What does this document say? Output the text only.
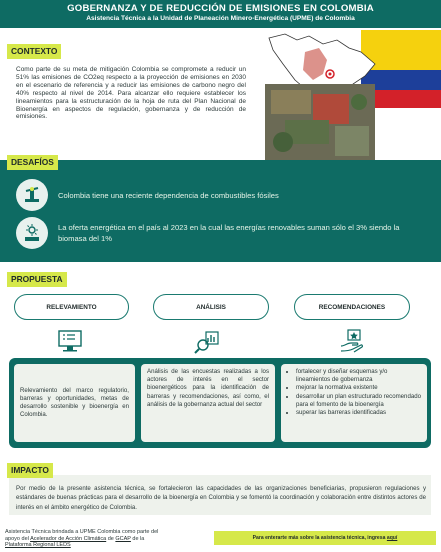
GOBERNANZA Y DE REDUCCIÓN DE EMISIONES EN COLOMBIA
Asistencia Técnica a la Unidad de Planeación Minero-Energética (UPME) de Colombia
CONTEXTO
Como parte de su meta de mitigación Colombia se compromete a reducir un 51% las emisiones de CO2eq respecto a la proyección de emisiones en 2030 en el escenario de referencia y a reducir las emisiones de carbono negro del 40% respecto al nivel de 2014. Para alcanzar ello requiere establecer los lineamientos para la estructuración de la hoja de ruta del Plan Nacional de Bioenergía en aspectos de regulación, gobernanza y de reducción de emisiones.
DESAFÍOS
Colombia tiene una reciente dependencia de combustibles fósiles
La oferta energética en el país al 2023 en la cual las energías renovables suman sólo el 3% siendo la biomasa del 1%
PROPUESTA
RELEVAMIENTO	ANÁLISIS	RECOMENDACIONES
Relevamiento del marco regulatorio, barreras y oportunidades, metas de desarrollo sostenible y bioenergía en Colombia.
Análisis de las encuestas realizadas a los actores de interés en el sector bioenergéticos para la identificación de barreras y recomendaciones, así como, el análisis de la gobernanza actual del sector
• fortalecer y diseñar esquemas y/o lineamientos de gobernanza
• mejorar la normativa existente
• desarrollar un plan estructurado recomendado para el fomento de la bioenergía
• superar las barreras identificadas
IMPACTO
Por medio de la presente asistencia técnica, se fortalecieron las capacidades de las organizaciones beneficiarias, propusieron regulaciones y estándares de buenas prácticas para el desarrollo de la bioenergía en Colombia y se fomentó la coordinación y colaboración entre distintos actores de interés en el ámbito energético de Colombia.
Asistencia Técnica brindada a UPME Colombia como parte del apoyo del Acelerador de Acción Climática de GCAP de la Plataforma Regional LEDS
Para enterarte más sobre la asistencia técnica, ingresa
aquí
